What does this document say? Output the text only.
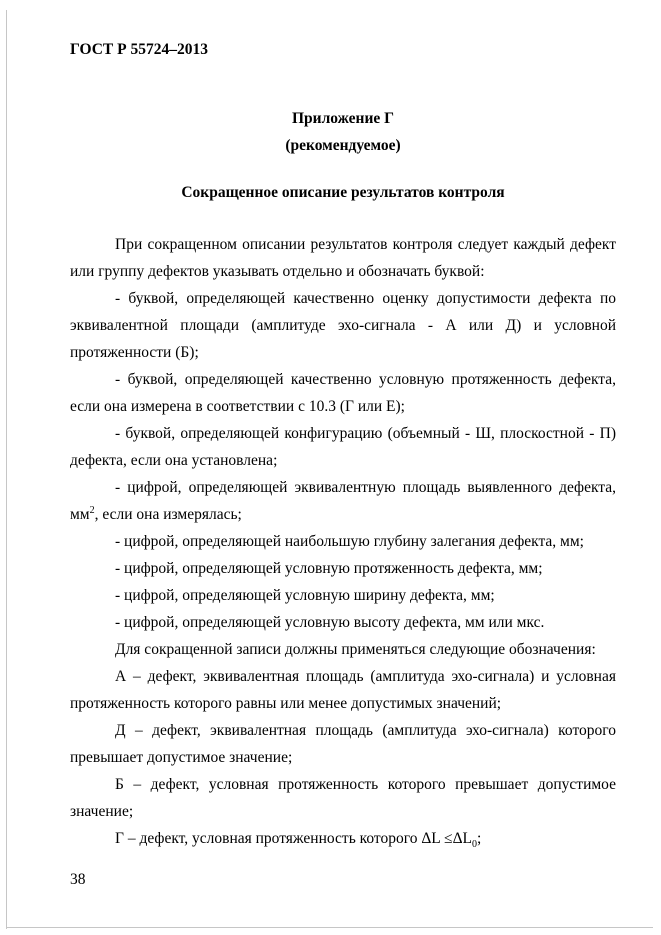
ГОСТ Р 55724–2013
Приложение Г
(рекомендуемое)
Сокращенное описание результатов контроля

При сокращенном описании результатов контроля следует каждый дефект или группу дефектов указывать отдельно и обозначать буквой:

- буквой, определяющей качественно оценку допустимости дефекта по эквивалентной площади (амплитуде эхо-сигнала - А или Д) и условной протяженности (Б);

- буквой, определяющей качественно условную протяженность дефекта, если она измерена в соответствии с 10.3 (Г или Е);

- буквой, определяющей конфигурацию (объемный - Ш, плоскостной - П) дефекта, если она установлена;

- цифрой, определяющей эквивалентную площадь выявленного дефекта, $мм^2$, если она измерялась;

- цифрой, определяющей наибольшую глубину залегания дефекта, мм;

- цифрой, определяющей условную протяженность дефекта, мм;

- цифрой, определяющей условную ширину дефекта, мм;

- цифрой, определяющей условную высоту дефекта, мм или мкс.

Для сокращенной записи должны применяться следующие обозначения:

А – дефект, эквивалентная площадь (амплитуда эхо-сигнала) и условная протяженность которого равны или менее допустимых значений;

Д – дефект, эквивалентная площадь (амплитуда эхо-сигнала) которого превышает допустимое значение;

Б – дефект, условная протяженность которого превышает допустимое значение;

Г – дефект, условная протяженность которого $\Delta L \le\Delta L_0$;

38
